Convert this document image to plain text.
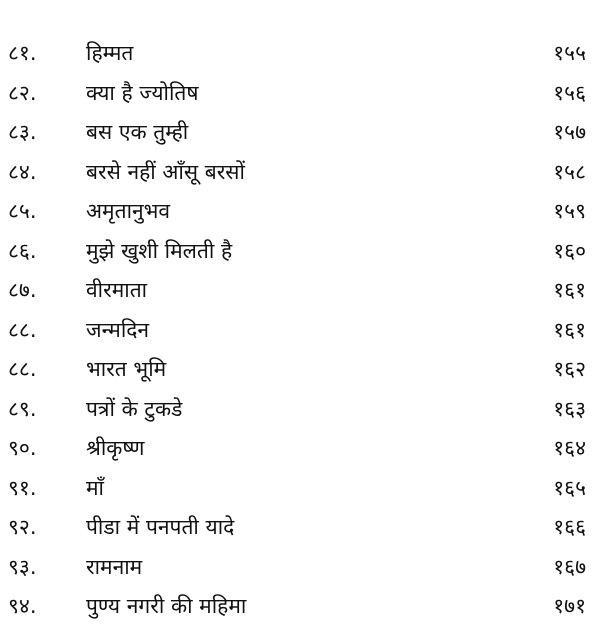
८१.	हिम्मत	१५५
८२.	क्या है ज्योतिष	१५६
८३.	बस एक तुम्ही	१५७
८४.	बरसे नहीं आँसू बरसों	१५८
८५.	अमृतानुभव	१५९
८६.	मुझे खुशी मिलती है	१६०
८७.	वीरमाता	१६१
८८.	जन्मदिन	१६१
८८.	भारत भूमि	१६२
८९.	पत्रों के टुकडे	१६३
९०.	श्रीकृष्ण	१६४
९१.	माँ	१६५
९२.	पीडा में पनपती यादे	१६६
९३.	रामनाम	१६७
९४.	पुण्य नगरी की महिमा	१७१
